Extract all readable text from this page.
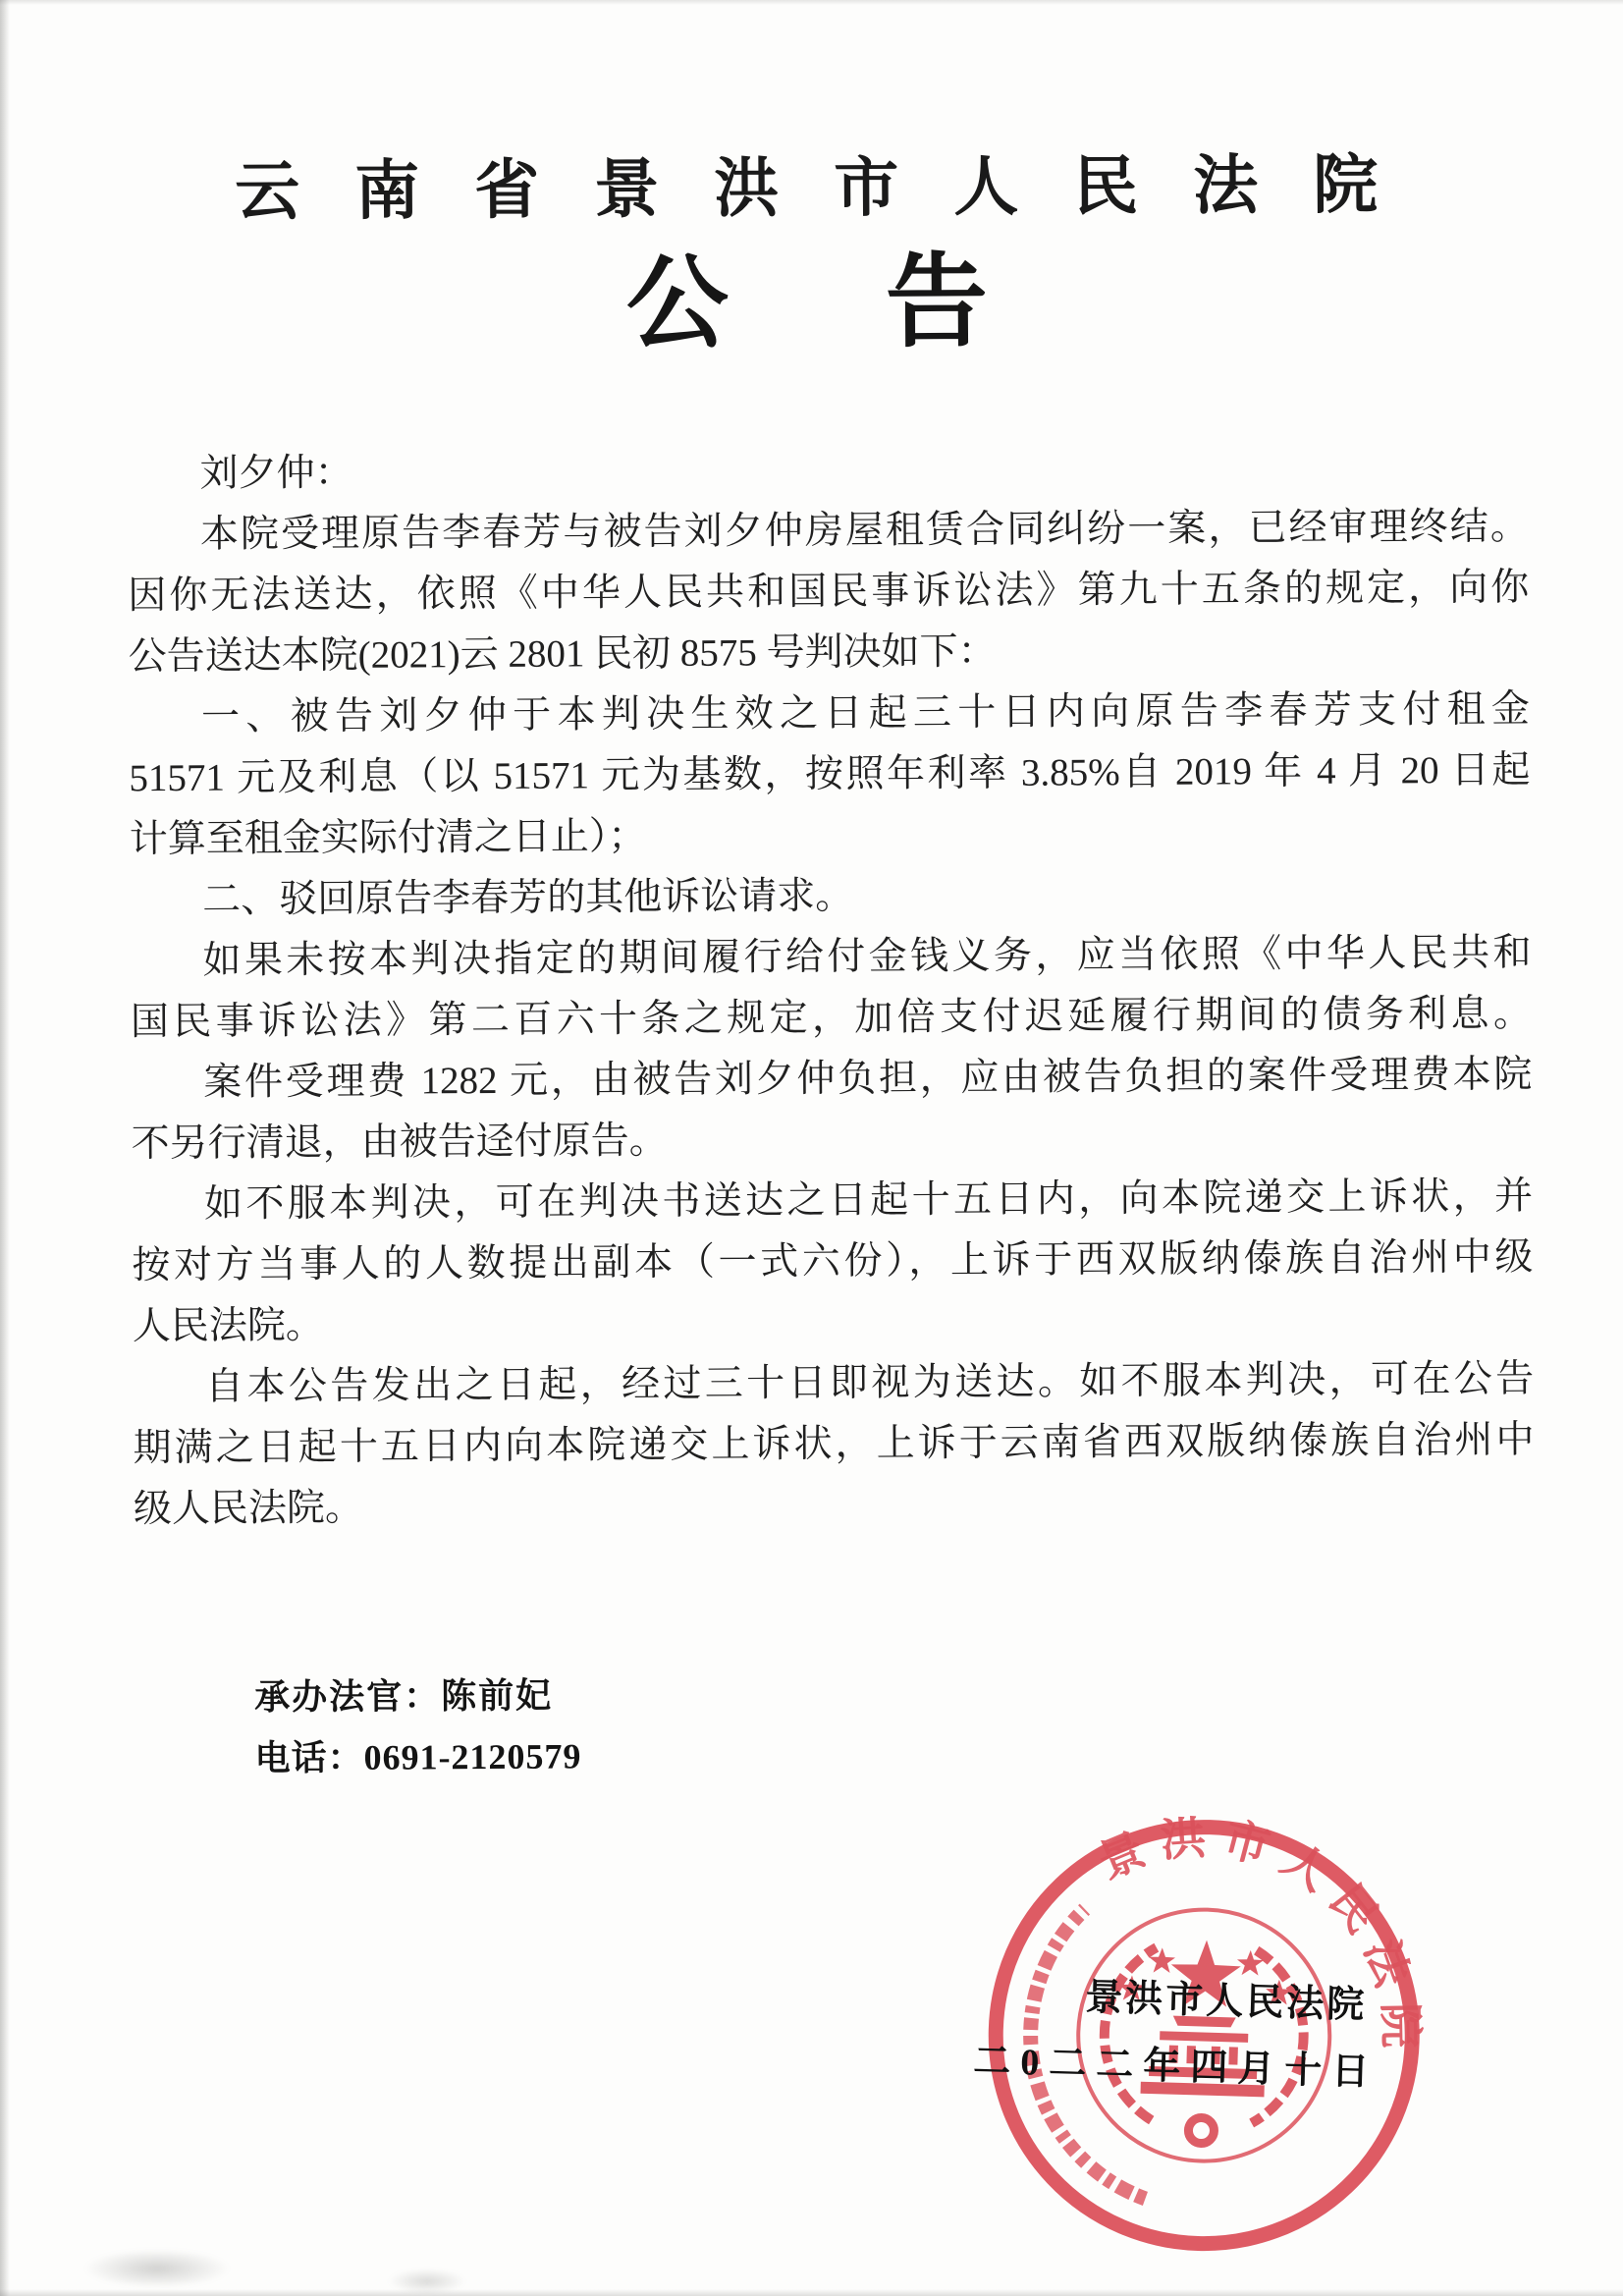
云南省景洪市人民法院
公告
刘夕仲：
本院受理原告李春芳与被告刘夕仲房屋租赁合同纠纷一案，已经审理终结。
因你无法送达，依照《中华人民共和国民事诉讼法》第九十五条的规定，向你
公告送达本院(2021)云 2801 民初 8575 号判决如下：
一、被告刘夕仲于本判决生效之日起三十日内向原告李春芳支付租金
51571 元及利息（以 51571 元为基数，按照年利率 3.85%自 2019 年 4 月 20 日起
计算至租金实际付清之日止）；
二、驳回原告李春芳的其他诉讼请求。
如果未按本判决指定的期间履行给付金钱义务，应当依照《中华人民共和
国民事诉讼法》第二百六十条之规定，加倍支付迟延履行期间的债务利息。
案件受理费 1282 元，由被告刘夕仲负担，应由被告负担的案件受理费本院
不另行清退，由被告迳付原告。
如不服本判决，可在判决书送达之日起十五日内，向本院递交上诉状，并
按对方当事人的人数提出副本（一式六份），上诉于西双版纳傣族自治州中级
人民法院。
自本公告发出之日起，经过三十日即视为送达。如不服本判决，可在公告
期满之日起十五日内向本院递交上诉状，上诉于云南省西双版纳傣族自治州中
级人民法院。
承办法官：陈前妃
电话：0691-2120579
景洪市人民法院
景洪市人民法院
二0二二年四月十日
